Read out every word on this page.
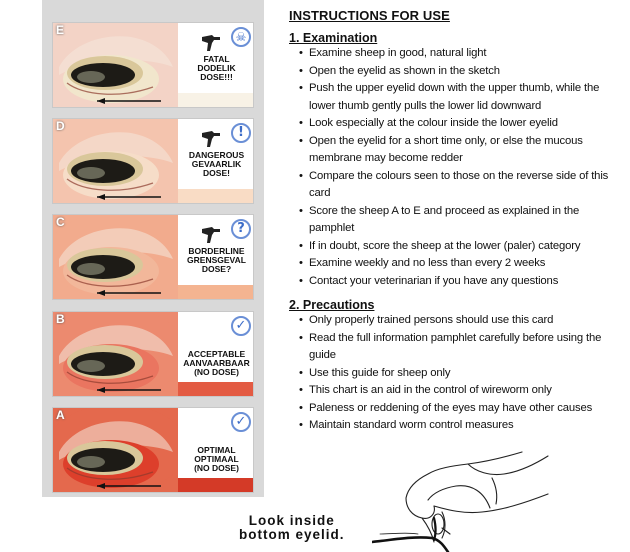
E	☠
FATAL
DODELIK
DOSE!!!
D	!
DANGEROUS
GEVAARLIK
DOSE!
C	?
BORDERLINE
GRENSGEVAL
DOSE?
B	✓
ACCEPTABLE
AANVAARBAAR
(NO DOSE)
A	✓
OPTIMAL
OPTIMAAL
(NO DOSE)
INSTRUCTIONS FOR USE
1. Examination
• Examine sheep in good, natural light
• Open the eyelid as shown in the sketch
• Push the upper eyelid down with the upper thumb, while the lower thumb gently pulls the lower lid downward
• Look especially at the colour inside the lower eyelid
• Open the eyelid for a short time only, or else the mucous membrane may become redder
• Compare the colours seen to those on the reverse side of this card
• Score the sheep A to E and proceed as explained in the pamphlet
• If in doubt, score the sheep at the lower (paler) category
• Examine weekly and no less than every 2 weeks
• Contact your veterinarian if you have any questions
2. Precautions
• Only properly trained persons should use this card
• Read the full information pamphlet carefully before using the guide
• Use this guide for sheep only
• This chart is an aid in the control of wireworm only
• Paleness or reddening of the eyes may have other causes
• Maintain standard worm control measures
Look inside
bottom eyelid.
